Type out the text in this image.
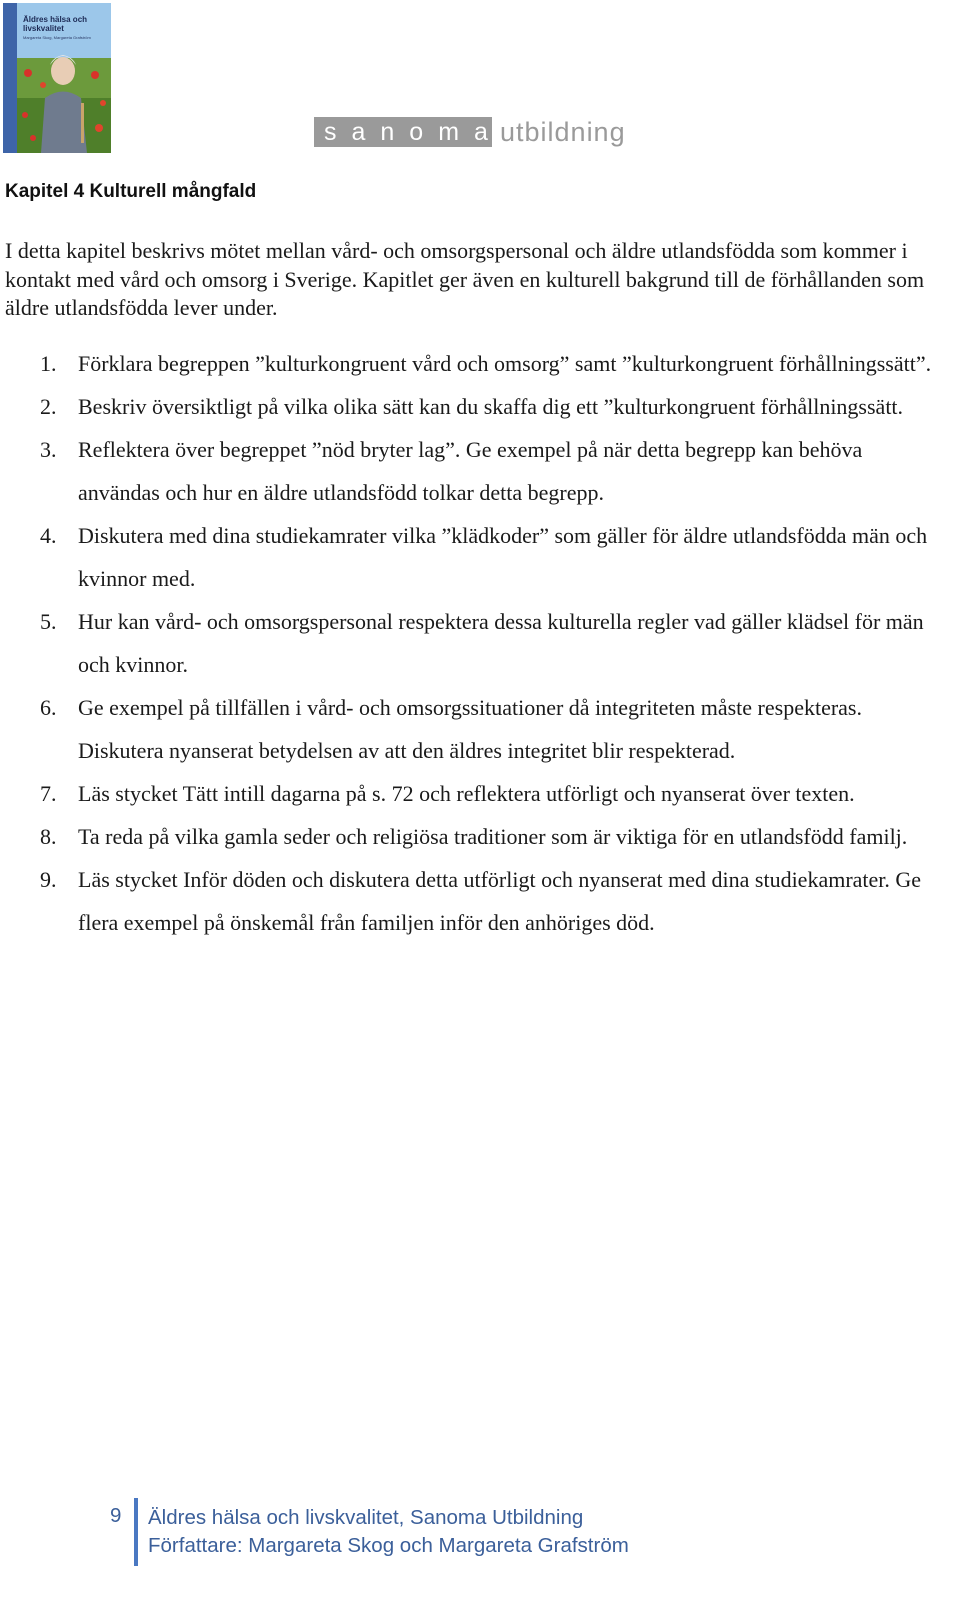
Äldres hälsa och livskvalitet
Margareta Skog, Margareta Grafström
sanoma
utbildning
Kapitel 4 Kulturell mångfald
I detta kapitel beskrivs mötet mellan vård- och omsorgspersonal och äldre utlandsfödda som kommer i kontakt med vård och omsorg i Sverige. Kapitlet ger även en kulturell bakgrund till de förhållanden som äldre utlandsfödda lever under.
1. Förklara begreppen ”kulturkongruent vård och omsorg” samt ”kulturkongruent förhållningssätt”.
2. Beskriv översiktligt på vilka olika sätt kan du skaffa dig ett ”kulturkongruent förhållningssätt.
3. Reflektera över begreppet ”nöd bryter lag”. Ge exempel på när detta begrepp kan behöva användas och hur en äldre utlandsfödd tolkar detta begrepp.
4. Diskutera med dina studiekamrater vilka ”klädkoder” som gäller för äldre utlandsfödda män och kvinnor med.
5. Hur kan vård- och omsorgspersonal respektera dessa kulturella regler vad gäller klädsel för män och kvinnor.
6. Ge exempel på tillfällen i vård- och omsorgssituationer då integriteten måste respekteras. Diskutera nyanserat betydelsen av att den äldres integritet blir respekterad.
7. Läs stycket Tätt intill dagarna på s. 72 och reflektera utförligt och nyanserat över texten.
8. Ta reda på vilka gamla seder och religiösa traditioner som är viktiga för en utlandsfödd familj.
9. Läs stycket Inför döden och diskutera detta utförligt och nyanserat med dina studiekamrater. Ge flera exempel på önskemål från familjen inför den anhöriges död.
9 Äldres hälsa och livskvalitet, Sanoma Utbildning
Författare: Margareta Skog och Margareta Grafström
